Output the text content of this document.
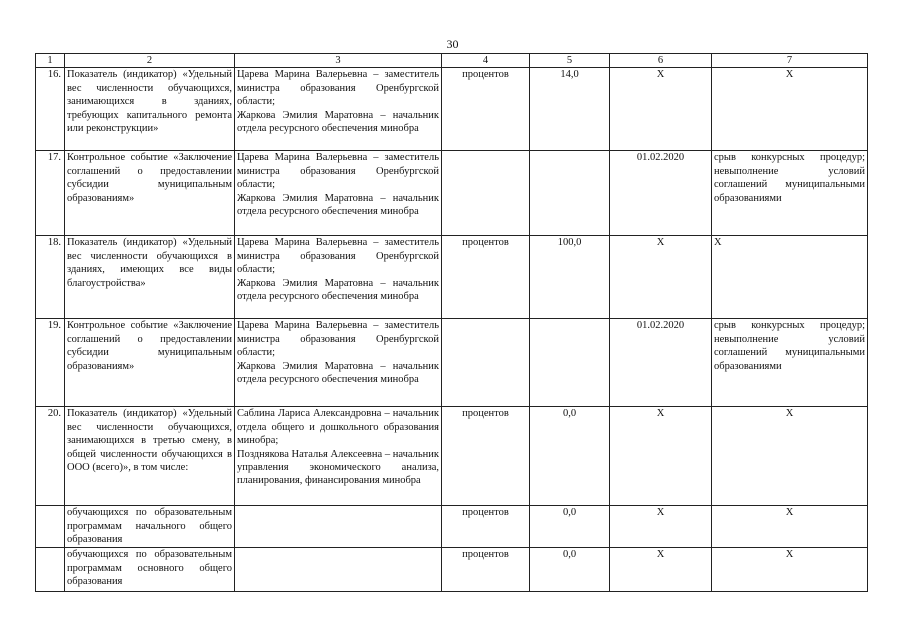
30
1	2	3	4	5	6	7
16.	Показатель (индикатор) «Удельный вес численности обучающихся, занимающихся в зданиях, требующих капитального ремонта или реконструкции»	Царева Марина Валерьевна – заместитель министра образования Оренбургской области;
Жаркова Эмилия Маратовна – начальник отдела ресурсного обеспечения минобра	процентов	14,0	Х	Х
17.	Контрольное событие «Заключение соглашений о предоставлении субсидии муниципальным образованиям»	Царева Марина Валерьевна – заместитель министра образования Оренбургской области;
Жаркова Эмилия Маратовна – начальник отдела ресурсного обеспечения минобра			01.02.2020	срыв конкурсных процедур; невыполнение условий соглашений муниципальными образованиями
18.	Показатель (индикатор) «Удельный вес численности обучающихся в зданиях, имеющих все виды благоустройства»	Царева Марина Валерьевна – заместитель министра образования Оренбургской области;
Жаркова Эмилия Маратовна – начальник отдела ресурсного обеспечения минобра	процентов	100,0	Х	Х
19.	Контрольное событие «Заключение соглашений о предоставлении субсидии муниципальным образованиям»	Царева Марина Валерьевна – заместитель министра образования Оренбургской области;
Жаркова Эмилия Маратовна – начальник отдела ресурсного обеспечения минобра			01.02.2020	срыв конкурсных процедур; невыполнение условий соглашений муниципальными образованиями
20.	Показатель (индикатор) «Удельный вес численности обучающихся, занимающихся в третью смену, в общей численности обучающихся в ООО (всего)», в том числе:	Саблина Лариса Александровна – начальник отдела общего и дошкольного образования минобра;
Позднякова Наталья Алексеевна – начальник управления экономического анализа, планирования, финансирования минобра	процентов	0,0	Х	Х
	обучающихся по образовательным программам начального общего образования		процентов	0,0	Х	Х
	обучающихся по образовательным программам основного общего образования		процентов	0,0	Х	Х
